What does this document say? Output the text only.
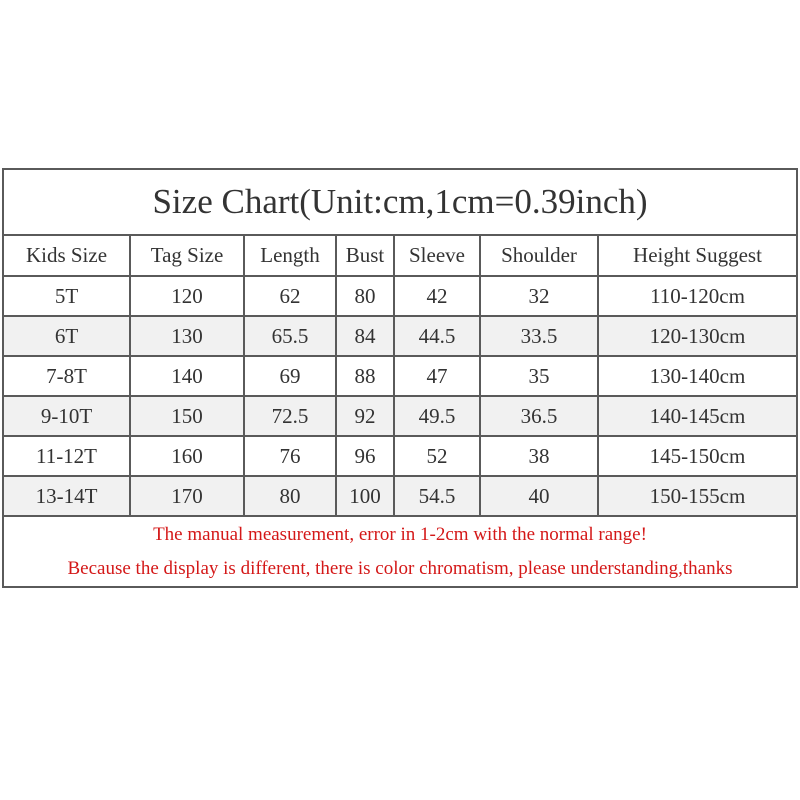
Size Chart(Unit:cm,1cm=0.39inch)
Kids Size	Tag Size	Length	Bust	Sleeve	Shoulder	Height Suggest
5T	120	62	80	42	32	110-120cm
6T	130	65.5	84	44.5	33.5	120-130cm
7-8T	140	69	88	47	35	130-140cm
9-10T	150	72.5	92	49.5	36.5	140-145cm
11-12T	160	76	96	52	38	145-150cm
13-14T	170	80	100	54.5	40	150-155cm
The manual measurement, error in 1-2cm with the normal range!
Because the display is different, there is color chromatism, please understanding,thanks
